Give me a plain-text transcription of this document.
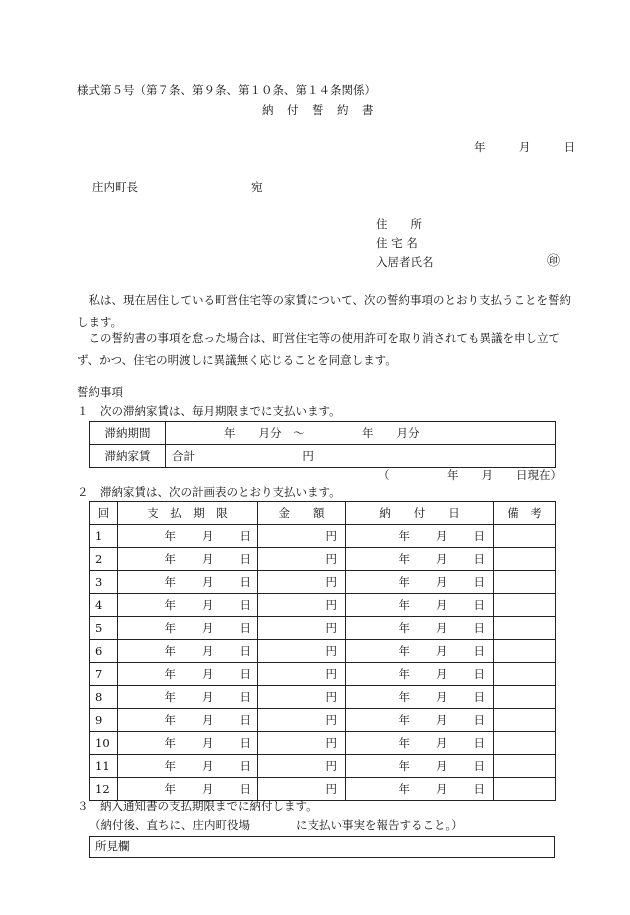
様式第５号（第７条、第９条、第１０条、第１４条関係）
納　付　誓　約　書
年	月	日
庄内町長	宛
住　　所
住 宅 名
入居者氏名	㊞
私は、現在居住している町営住宅等の家賃について、次の誓約事項のとおり支払うことを誓約します。
この誓約書の事項を怠った場合は、町営住宅等の使用許可を取り消されても異議を申し立てず、かつ、住宅の明渡しに異議無く応じることを同意します。
誓約事項
１　次の滞納家賃は、毎月期限までに支払います。
滞納期間	年　　月分　〜　　　　　年　　月分
滞納家賃	合計 円
（　　　　　年　　月　　日現在）
２　滞納家賃は、次の計画表のとおり支払います。
回	支　払　期　限	金　　額	納　　付　　日	備　考
1	年 月 日	円	年 月 日	

2	年 月 日	円	年 月 日	

3	年 月 日	円	年 月 日	

4	年 月 日	円	年 月 日	

5	年 月 日	円	年 月 日	

6	年 月 日	円	年 月 日	

7	年 月 日	円	年 月 日	

8	年 月 日	円	年 月 日	

9	年 月 日	円	年 月 日	

10	年 月 日	円	年 月 日	

11	年 月 日	円	年 月 日	

12	年 月 日	円	年 月 日	

３　納入通知書の支払期限までに納付します。
（納付後、直ちに、庄内町役場　　　　に支払い事実を報告すること。）
所見欄
